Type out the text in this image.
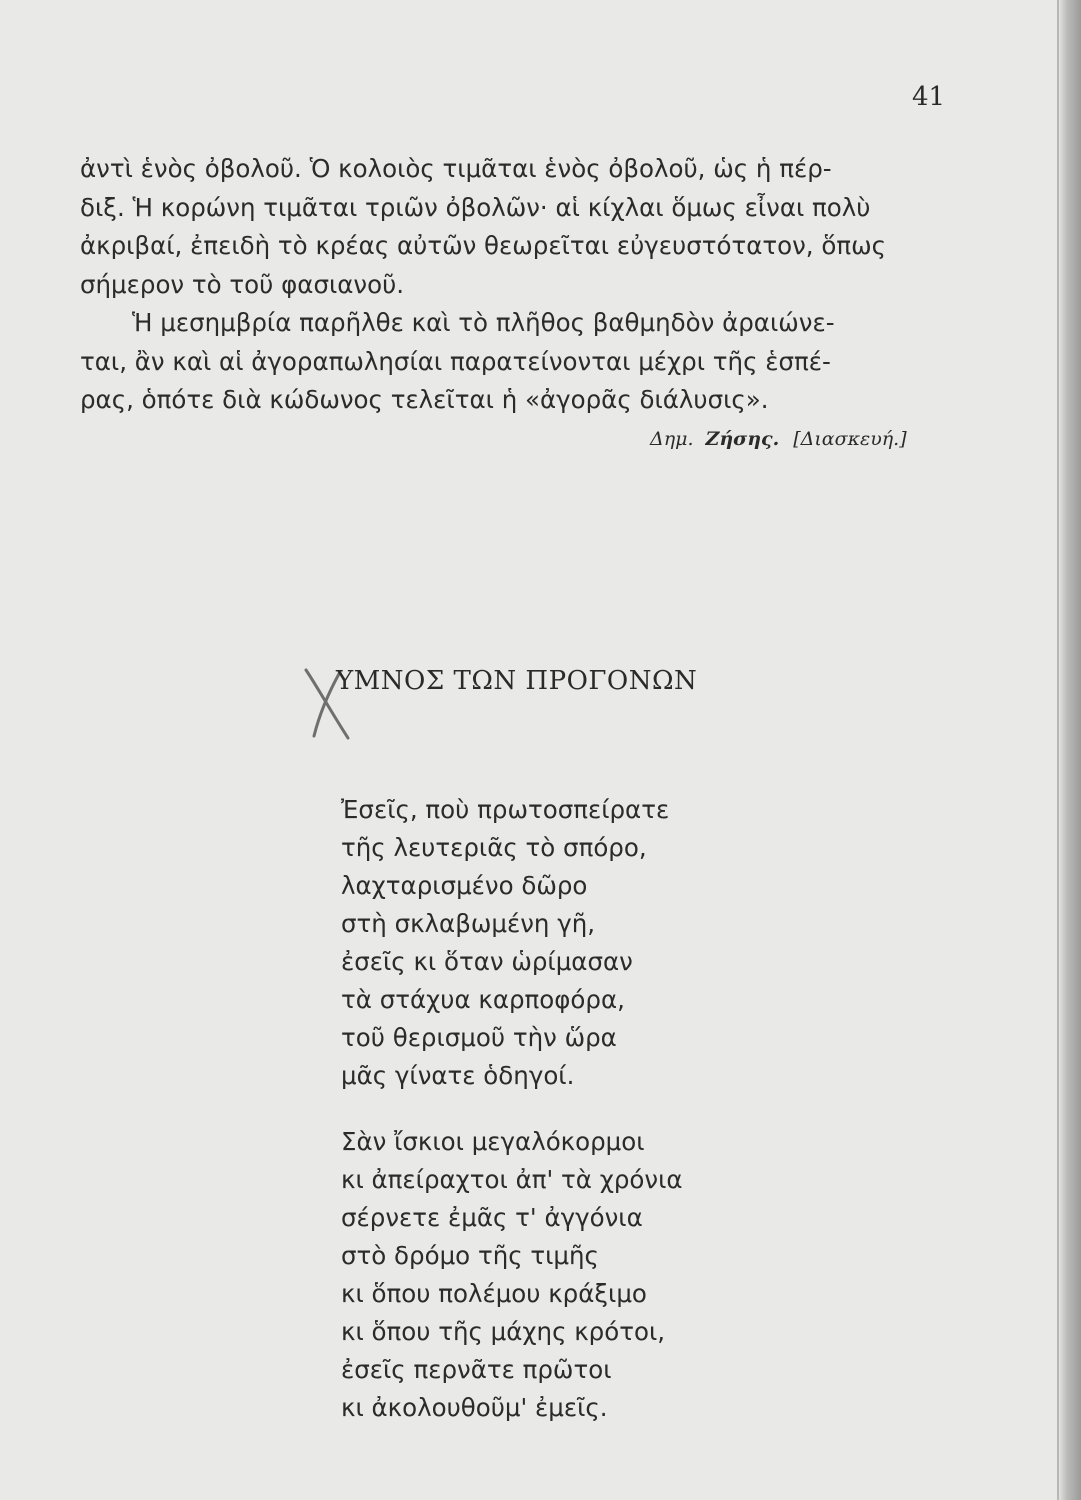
41

ἀντὶ ἑνὸς ὀβολοῦ. Ὁ κολοιὸς τιμᾶται ἑνὸς ὀβολοῦ, ὡς ἡ πέρ-

διξ. Ἡ κορώνη τιμᾶται τριῶν ὀβολῶν· αἱ κίχλαι ὅμως εἶναι πολὺ

ἀκριβαί, ἐπειδὴ τὸ κρέας αὐτῶν θεωρεῖται εὐγευστότατον, ὅπως

σήμερον τὸ τοῦ φασιανοῦ.

Ἡ μεσημβρία παρῆλθε καὶ τὸ πλῆθος βαθμηδὸν ἀραιώνε-

ται, ἂν καὶ αἱ ἀγοραπωλησίαι παρατείνονται μέχρι τῆς ἑσπέ-

ρας, ὁπότε διὰ κώδωνος τελεῖται ἡ «ἀγορᾶς διάλυσις».

Δημ. Ζήσης. [Διασκευή.]
ΥΜΝΟΣ ΤΩΝ ΠΡΟΓΟΝΩΝ

Ἐσεῖς, ποὺ πρωτοσπείρατε

τῆς λευτεριᾶς τὸ σπόρο,

λαχταρισμένο δῶρο

στὴ σκλαβωμένη γῆ,

ἐσεῖς κι ὅταν ὡρίμασαν

τὰ στάχυα καρποφόρα,

τοῦ θερισμοῦ τὴν ὥρα

μᾶς γίνατε ὁδηγοί.

Σὰν ἴσκιοι μεγαλόκορμοι

κι ἀπείραχτοι ἀπ' τὰ χρόνια

σέρνετε ἐμᾶς τ' ἀγγόνια

στὸ δρόμο τῆς τιμῆς

κι ὅπου πολέμου κράξιμο

κι ὅπου τῆς μάχης κρότοι,

ἐσεῖς περνᾶτε πρῶτοι

κι ἀκολουθοῦμ' ἐμεῖς.
